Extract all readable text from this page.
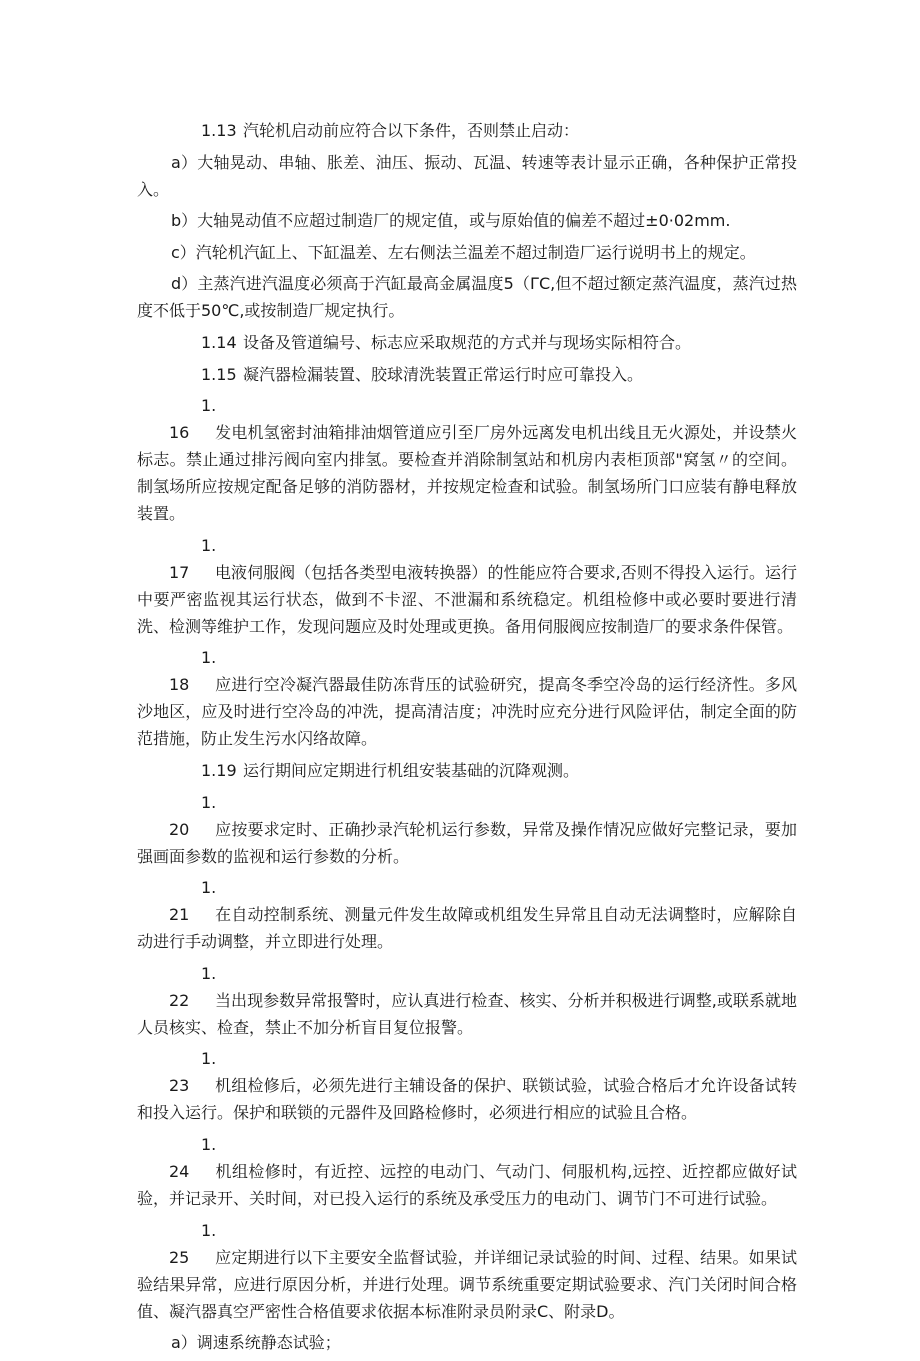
1.13 汽轮机启动前应符合以下条件，否则禁止启动：

a）大轴晃动、串轴、胀差、油压、振动、瓦温、转速等表计显示正确，各种保护正常投入。

b）大轴晃动值不应超过制造厂的规定值，或与原始值的偏差不超过±0·02mm.

c）汽轮机汽缸上、下缸温差、左右侧法兰温差不超过制造厂运行说明书上的规定。

d）主蒸汽进汽温度必须高于汽缸最高金属温度5（ΓC,但不超过额定蒸汽温度，蒸汽过热度不低于50℃,或按制造厂规定执行。

1.14 设备及管道编号、标志应采取规范的方式并与现场实际相符合。

1.15 凝汽器检漏装置、胶球清洗装置正常运行时应可靠投入。

1.16 发电机氢密封油箱排油烟管道应引至厂房外远离发电机出线且无火源处，并设禁火标志。禁止通过排污阀向室内排氢。要检查并消除制氢站和机房内表柜顶部"窝氢〃的空间。制氢场所应按规定配备足够的消防器材，并按规定检查和试验。制氢场所门口应装有静电释放装置。

1.17 电液伺服阀（包括各类型电液转换器）的性能应符合要求,否则不得投入运行。运行中要严密监视其运行状态，做到不卡涩、不泄漏和系统稳定。机组检修中或必要时要进行清洗、检测等维护工作，发现问题应及时处理或更换。备用伺服阀应按制造厂的要求条件保管。

1.18 应进行空冷凝汽器最佳防冻背压的试验研究，提高冬季空冷岛的运行经济性。多风沙地区，应及时进行空冷岛的冲洗，提高清洁度；冲洗时应充分进行风险评估，制定全面的防范措施，防止发生污水闪络故障。

1.19 运行期间应定期进行机组安装基础的沉降观测。

1.20 应按要求定时、正确抄录汽轮机运行参数，异常及操作情况应做好完整记录，要加强画面参数的监视和运行参数的分析。

1.21 在自动控制系统、测量元件发生故障或机组发生异常且自动无法调整时，应解除自动进行手动调整，并立即进行处理。

1.22 当出现参数异常报警时，应认真进行检查、核实、分析并积极进行调整,或联系就地人员核实、检查，禁止不加分析盲目复位报警。

1.23 机组检修后，必须先进行主辅设备的保护、联锁试验，试验合格后才允许设备试转和投入运行。保护和联锁的元器件及回路检修时，必须进行相应的试验且合格。

1.24 机组检修时，有近控、远控的电动门、气动门、伺服机构,远控、近控都应做好试验，并记录开、关时间，对已投入运行的系统及承受压力的电动门、调节门不可进行试验。

1.25 应定期进行以下主要安全监督试验，并详细记录试验的时间、过程、结果。如果试验结果异常，应进行原因分析，并进行处理。调节系统重要定期试验要求、汽门关闭时间合格值、凝汽器真空严密性合格值要求依据本标准附录员附录C、附录D。

a）调速系统静态试验；
